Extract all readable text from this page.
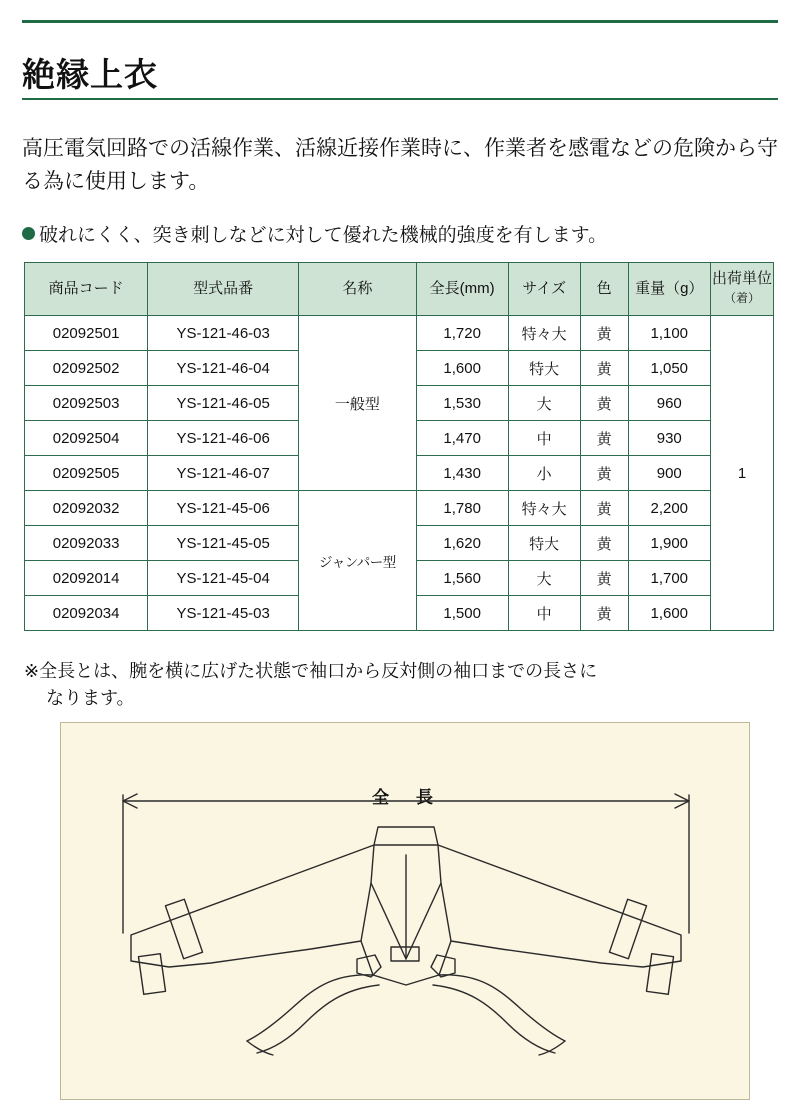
絶縁上衣

高圧電気回路での活線作業、活線近接作業時に、作業者を感電などの危険から守る為に使用します。

破れにくく、突き刺しなどに対して優れた機械的強度を有します。

商品コード	型式品番	名称	全長(mm)	サイズ	色	重量（g）	出荷単位
（着）
02092501	YS-121-46-03	一般型	1,720	特々大	黄	1,100	1
02092502	YS-121-46-04		1,600	特大	黄	1,050	
02092503	YS-121-46-05		1,530	大	黄	960	
02092504	YS-121-46-06		1,470	中	黄	930	
02092505	YS-121-46-07		1,430	小	黄	900	
02092032	YS-121-45-06	ジャンパー型	1,780	特々大	黄	2,200	
02092033	YS-121-45-05		1,620	特大	黄	1,900	
02092014	YS-121-45-04		1,560	大	黄	1,700	
02092034	YS-121-45-03		1,500	中	黄	1,600	

※全長とは、腕を横に広げた状態で袖口から反対側の袖口までの長さに
なります。

全　長
